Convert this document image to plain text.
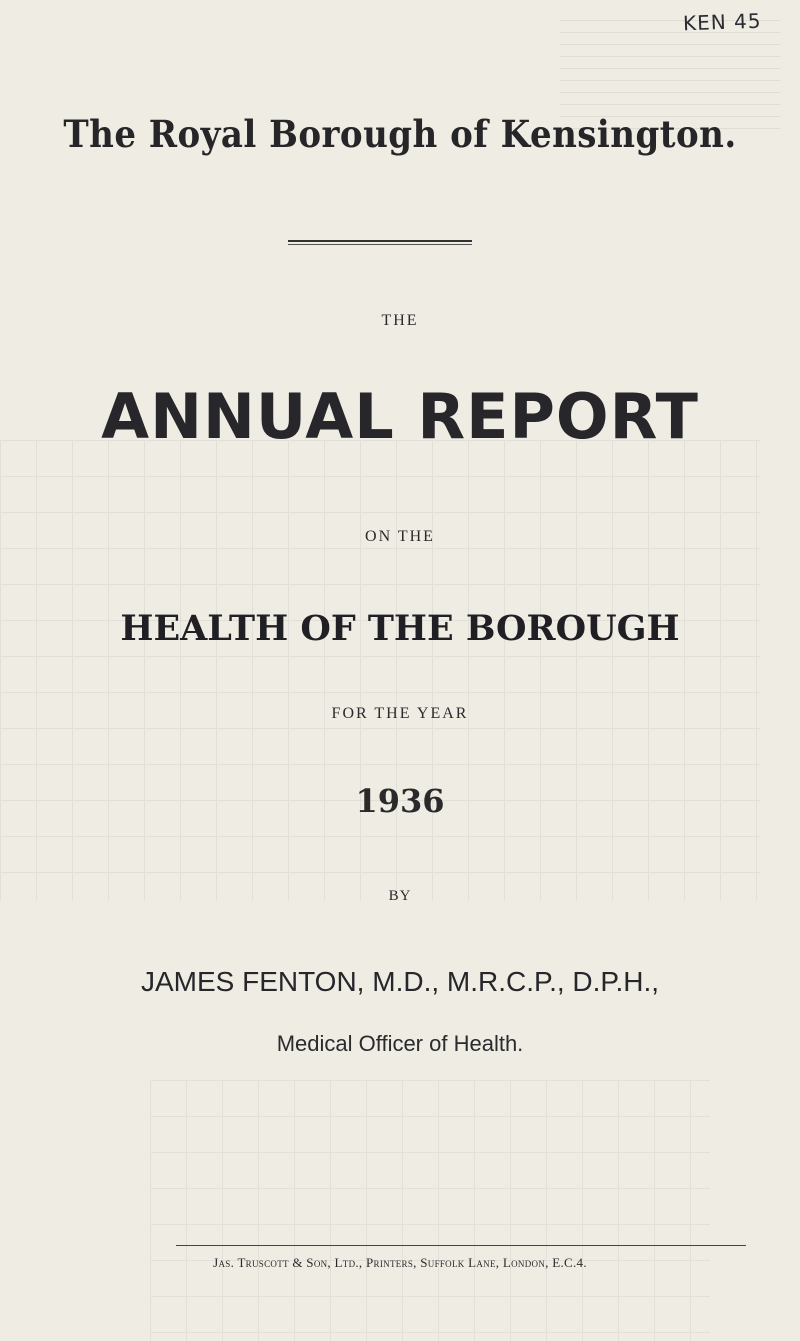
KEN 45
The Royal Borough of Kensington.
THE
ANNUAL REPORT
ON THE
HEALTH OF THE BOROUGH
FOR THE YEAR
1936
BY
JAMES FENTON, M.D., M.R.C.P., D.P.H.,
Medical Officer of Health.
Jas. Truscott & Son, Ltd., Printers, Suffolk Lane, London, E.C.4.
